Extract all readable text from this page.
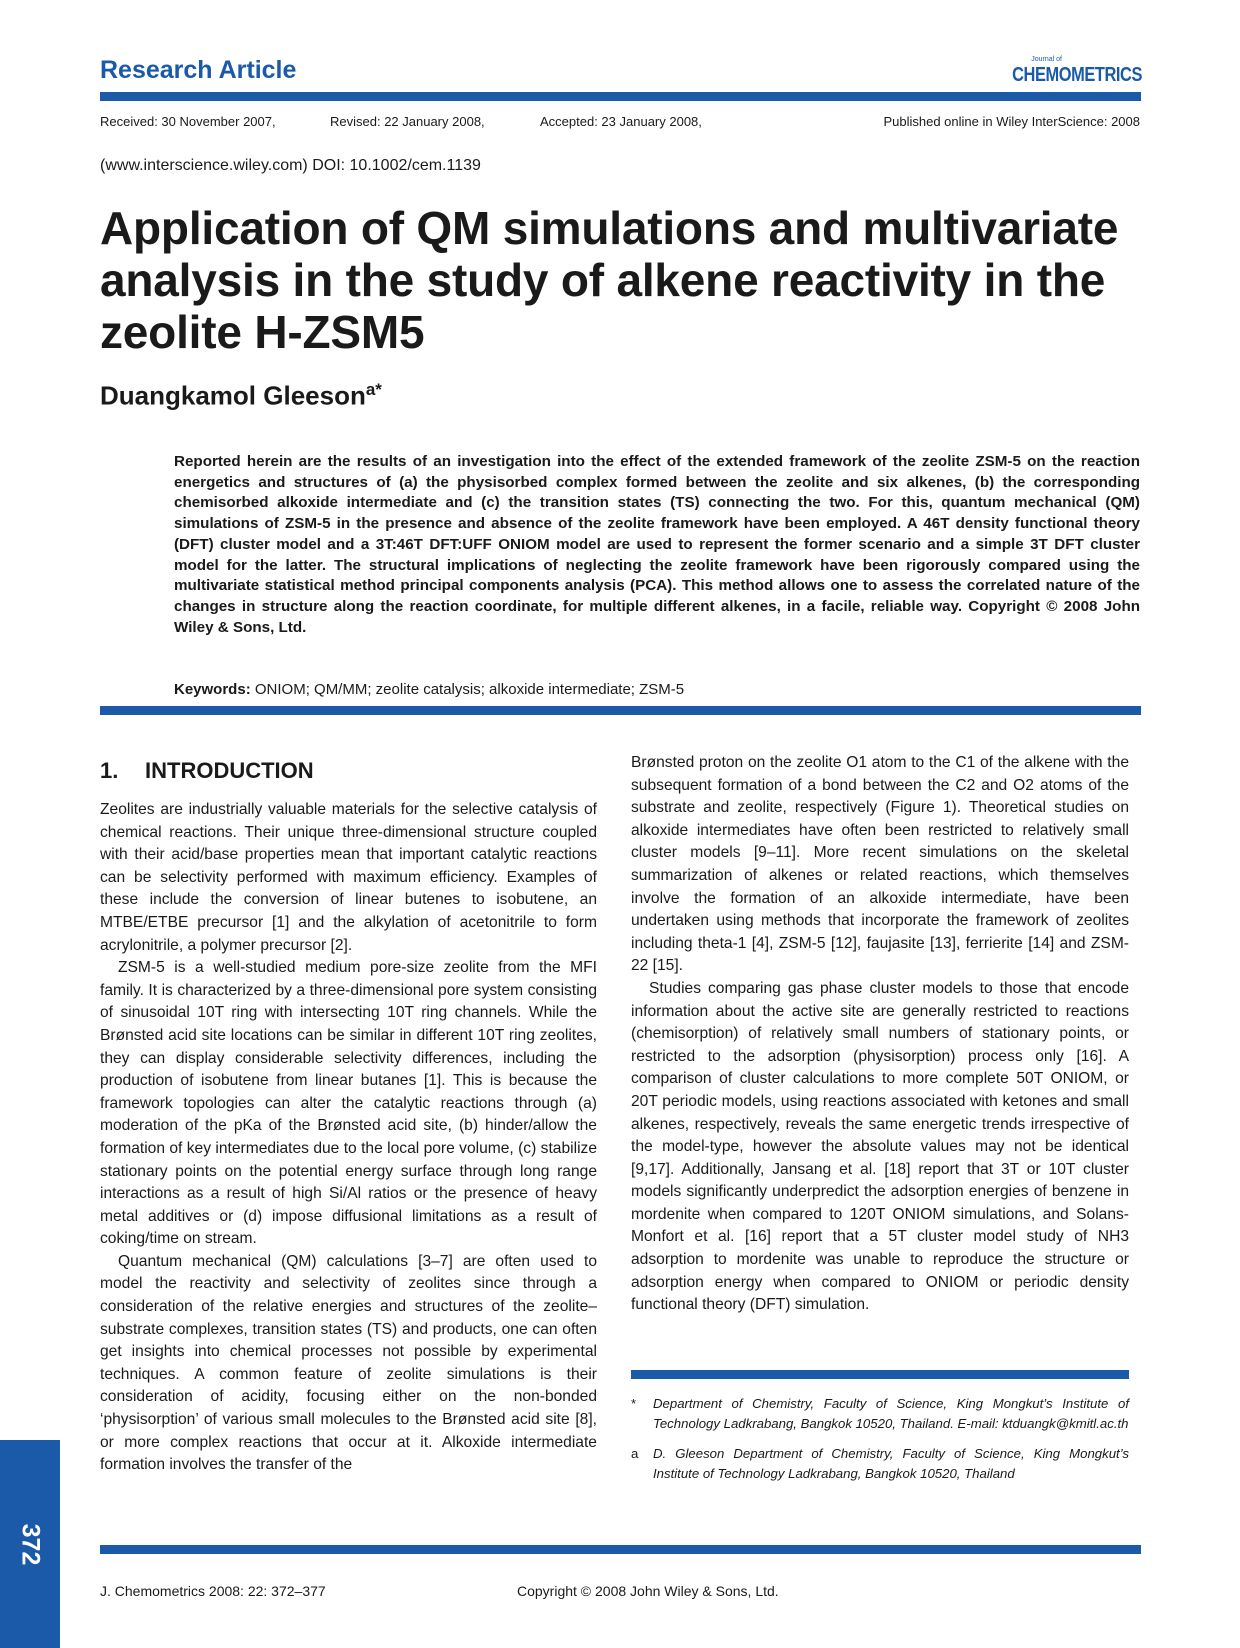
Research Article	Journal of
CHEMOMETRICS
Received: 30 November 2007,	Revised: 22 January 2008,	Accepted: 23 January 2008,	Published online in Wiley InterScience: 2008
(www.interscience.wiley.com) DOI: 10.1002/cem.1139
Application of QM simulations and multivariate analysis in the study of alkene reactivity in the zeolite H-ZSM5
Duangkamol Gleeson$^{a*}$
Reported herein are the results of an investigation into the effect of the extended framework of the zeolite ZSM-5 on the reaction energetics and structures of (a) the physisorbed complex formed between the zeolite and six alkenes, (b) the corresponding chemisorbed alkoxide intermediate and (c) the transition states (TS) connecting the two. For this, quantum mechanical (QM) simulations of ZSM-5 in the presence and absence of the zeolite framework have been employed. A 46T density functional theory (DFT) cluster model and a 3T:46T DFT:UFF ONIOM model are used to represent the former scenario and a simple 3T DFT cluster model for the latter. The structural implications of neglecting the zeolite framework have been rigorously compared using the multivariate statistical method principal components analysis (PCA). This method allows one to assess the correlated nature of the changes in structure along the reaction coordinate, for multiple different alkenes, in a facile, reliable way. Copyright © 2008 John Wiley & Sons, Ltd.
Keywords: ONIOM; QM/MM; zeolite catalysis; alkoxide intermediate; ZSM-5
1. INTRODUCTION

Zeolites are industrially valuable materials for the selective catalysis of chemical reactions. Their unique three-dimensional structure coupled with their acid/base properties mean that important catalytic reactions can be selectivity performed with maximum efficiency. Examples of these include the conversion of linear butenes to isobutene, an MTBE/ETBE precursor [1] and the alkylation of acetonitrile to form acrylonitrile, a polymer precursor [2].

ZSM-5 is a well-studied medium pore-size zeolite from the MFI family. It is characterized by a three-dimensional pore system consisting of sinusoidal 10T ring with intersecting 10T ring channels. While the Brønsted acid site locations can be similar in different 10T ring zeolites, they can display considerable selectivity differences, including the production of isobutene from linear butanes [1]. This is because the framework topologies can alter the catalytic reactions through (a) moderation of the pKa of the Brønsted acid site, (b) hinder/allow the formation of key intermediates due to the local pore volume, (c) stabilize stationary points on the potential energy surface through long range interactions as a result of high Si/Al ratios or the presence of heavy metal additives or (d) impose diffusional limitations as a result of coking/time on stream.

Quantum mechanical (QM) calculations [3–7] are often used to model the reactivity and selectivity of zeolites since through a consideration of the relative energies and structures of the zeolite–substrate complexes, transition states (TS) and products, one can often get insights into chemical processes not possible by experimental techniques. A common feature of zeolite simulations is their consideration of acidity, focusing either on the non-bonded ‘physisorption’ of various small molecules to the Brønsted acid site [8], or more complex reactions that occur at it. Alkoxide intermediate formation involves the transfer of the

Brønsted proton on the zeolite O1 atom to the C1 of the alkene with the subsequent formation of a bond between the C2 and O2 atoms of the substrate and zeolite, respectively (Figure 1). Theoretical studies on alkoxide intermediates have often been restricted to relatively small cluster models [9–11]. More recent simulations on the skeletal summarization of alkenes or related reactions, which themselves involve the formation of an alkoxide intermediate, have been undertaken using methods that incorporate the framework of zeolites including theta-1 [4], ZSM-5 [12], faujasite [13], ferrierite [14] and ZSM-22 [15].

Studies comparing gas phase cluster models to those that encode information about the active site are generally restricted to reactions (chemisorption) of relatively small numbers of stationary points, or restricted to the adsorption (physisorption) process only [16]. A comparison of cluster calculations to more complete 50T ONIOM, or 20T periodic models, using reactions associated with ketones and small alkenes, respectively, reveals the same energetic trends irrespective of the model-type, however the absolute values may not be identical [9,17]. Additionally, Jansang et al. [18] report that 3T or 10T cluster models significantly underpredict the adsorption energies of benzene in mordenite when compared to 120T ONIOM simulations, and Solans-Monfort et al. [16] report that a 5T cluster model study of NH3 adsorption to mordenite was unable to reproduce the structure or adsorption energy when compared to ONIOM or periodic density functional theory (DFT) simulation.

* Department of Chemistry, Faculty of Science, King Mongkut’s Institute of Technology Ladkrabang, Bangkok 10520, Thailand. E-mail: ktduangk@kmitl.ac.th
a D. Gleeson Department of Chemistry, Faculty of Science, King Mongkut’s Institute of Technology Ladkrabang, Bangkok 10520, Thailand
372
J. Chemometrics 2008: 22: 372–377	Copyright © 2008 John Wiley & Sons, Ltd.
